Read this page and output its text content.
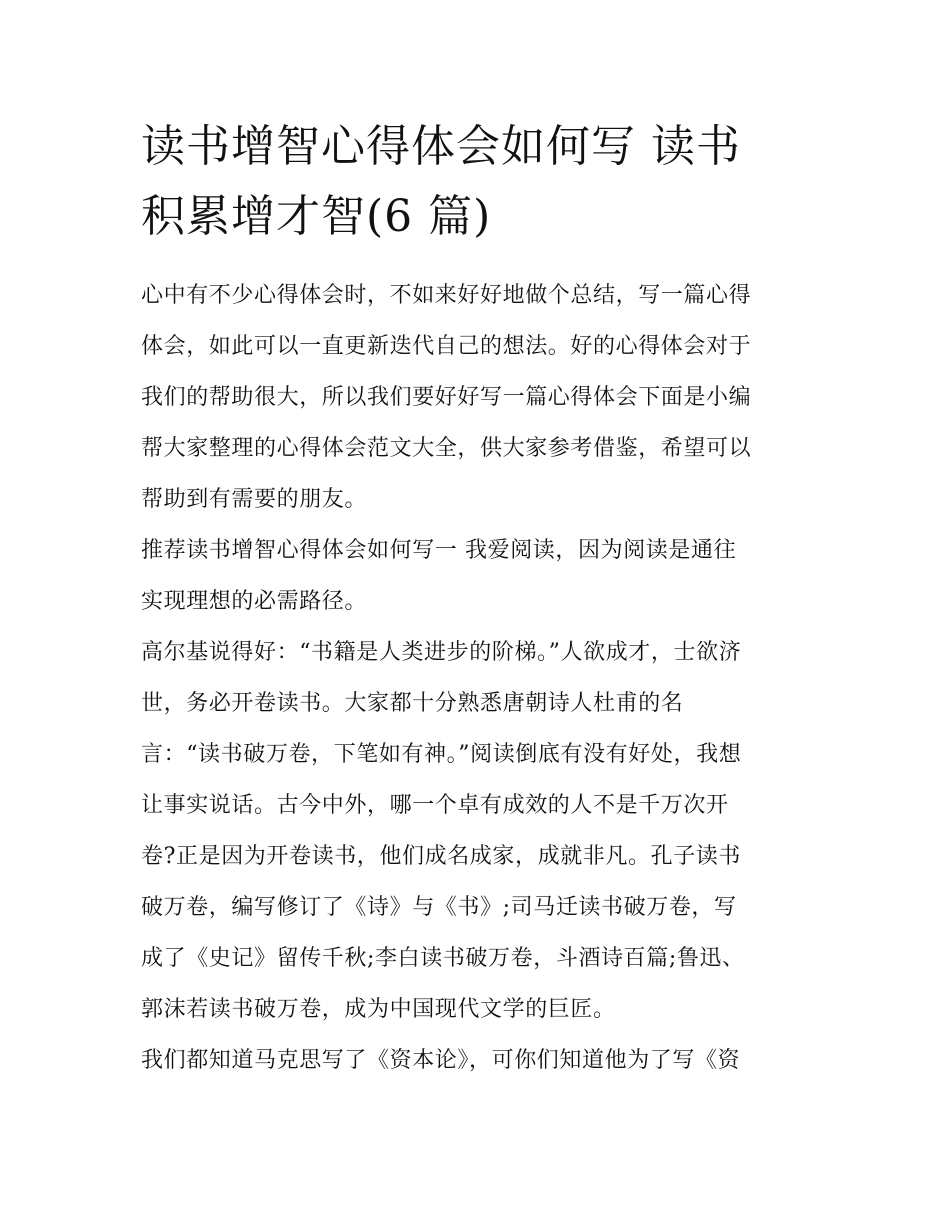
读书增智心得体会如何写 读书
积累增才智(6 篇)

心中有不少心得体会时，不如来好好地做个总结，写一篇心得
体会，如此可以一直更新迭代自己的想法。好的心得体会对于
我们的帮助很大，所以我们要好好写一篇心得体会下面是小编
帮大家整理的心得体会范文大全，供大家参考借鉴，希望可以
帮助到有需要的朋友。

推荐读书增智心得体会如何写一 我爱阅读，因为阅读是通往
实现理想的必需路径。

高尔基说得好：“书籍是人类进步的阶梯。”人欲成才，士欲济
世，务必开卷读书。大家都十分熟悉唐朝诗人杜甫的名
言：“读书破万卷，下笔如有神。”阅读倒底有没有好处，我想
让事实说话。古今中外，哪一个卓有成效的人不是千万次开
卷?正是因为开卷读书，他们成名成家，成就非凡。孔子读书
破万卷，编写修订了《诗》与《书》;司马迁读书破万卷，写
成了《史记》留传千秋;李白读书破万卷，斗酒诗百篇;鲁迅、
郭沫若读书破万卷，成为中国现代文学的巨匠。

我们都知道马克思写了《资本论》，可你们知道他为了写《资
